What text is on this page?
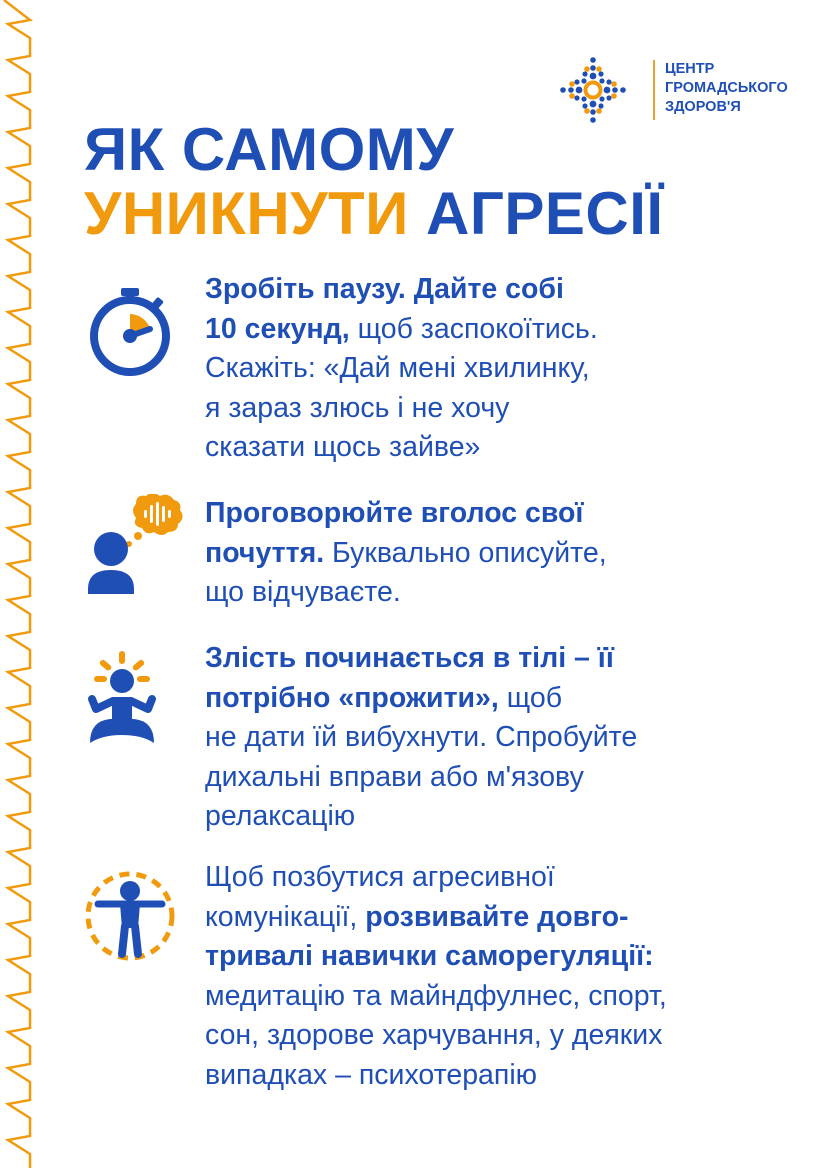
ЦЕНТР
ГРОМАДСЬКОГО
ЗДОРОВ'Я
ЯК САМОМУ
УНИКНУТИ АГРЕСІЇ

Зробіть паузу. Дайте собі
10 секунд, щоб заспокоїтись.
Скажіть: «Дай мені хвилинку,
я зараз злюсь і не хочу
сказати щось зайве»

Проговорюйте вголос свої
почуття. Буквально описуйте,
що відчуваєте.

Злість починається в тілі – її
потрібно «прожити», щоб
не дати їй вибухнути. Спробуйте
дихальні вправи або м'язову
релаксацію

Щоб позбутися агресивної
комунікації, розвивайте довго-
тривалі навички саморегуляції:
медитацію та майндфулнес, спорт,
сон, здорове харчування, у деяких
випадках – психотерапію
